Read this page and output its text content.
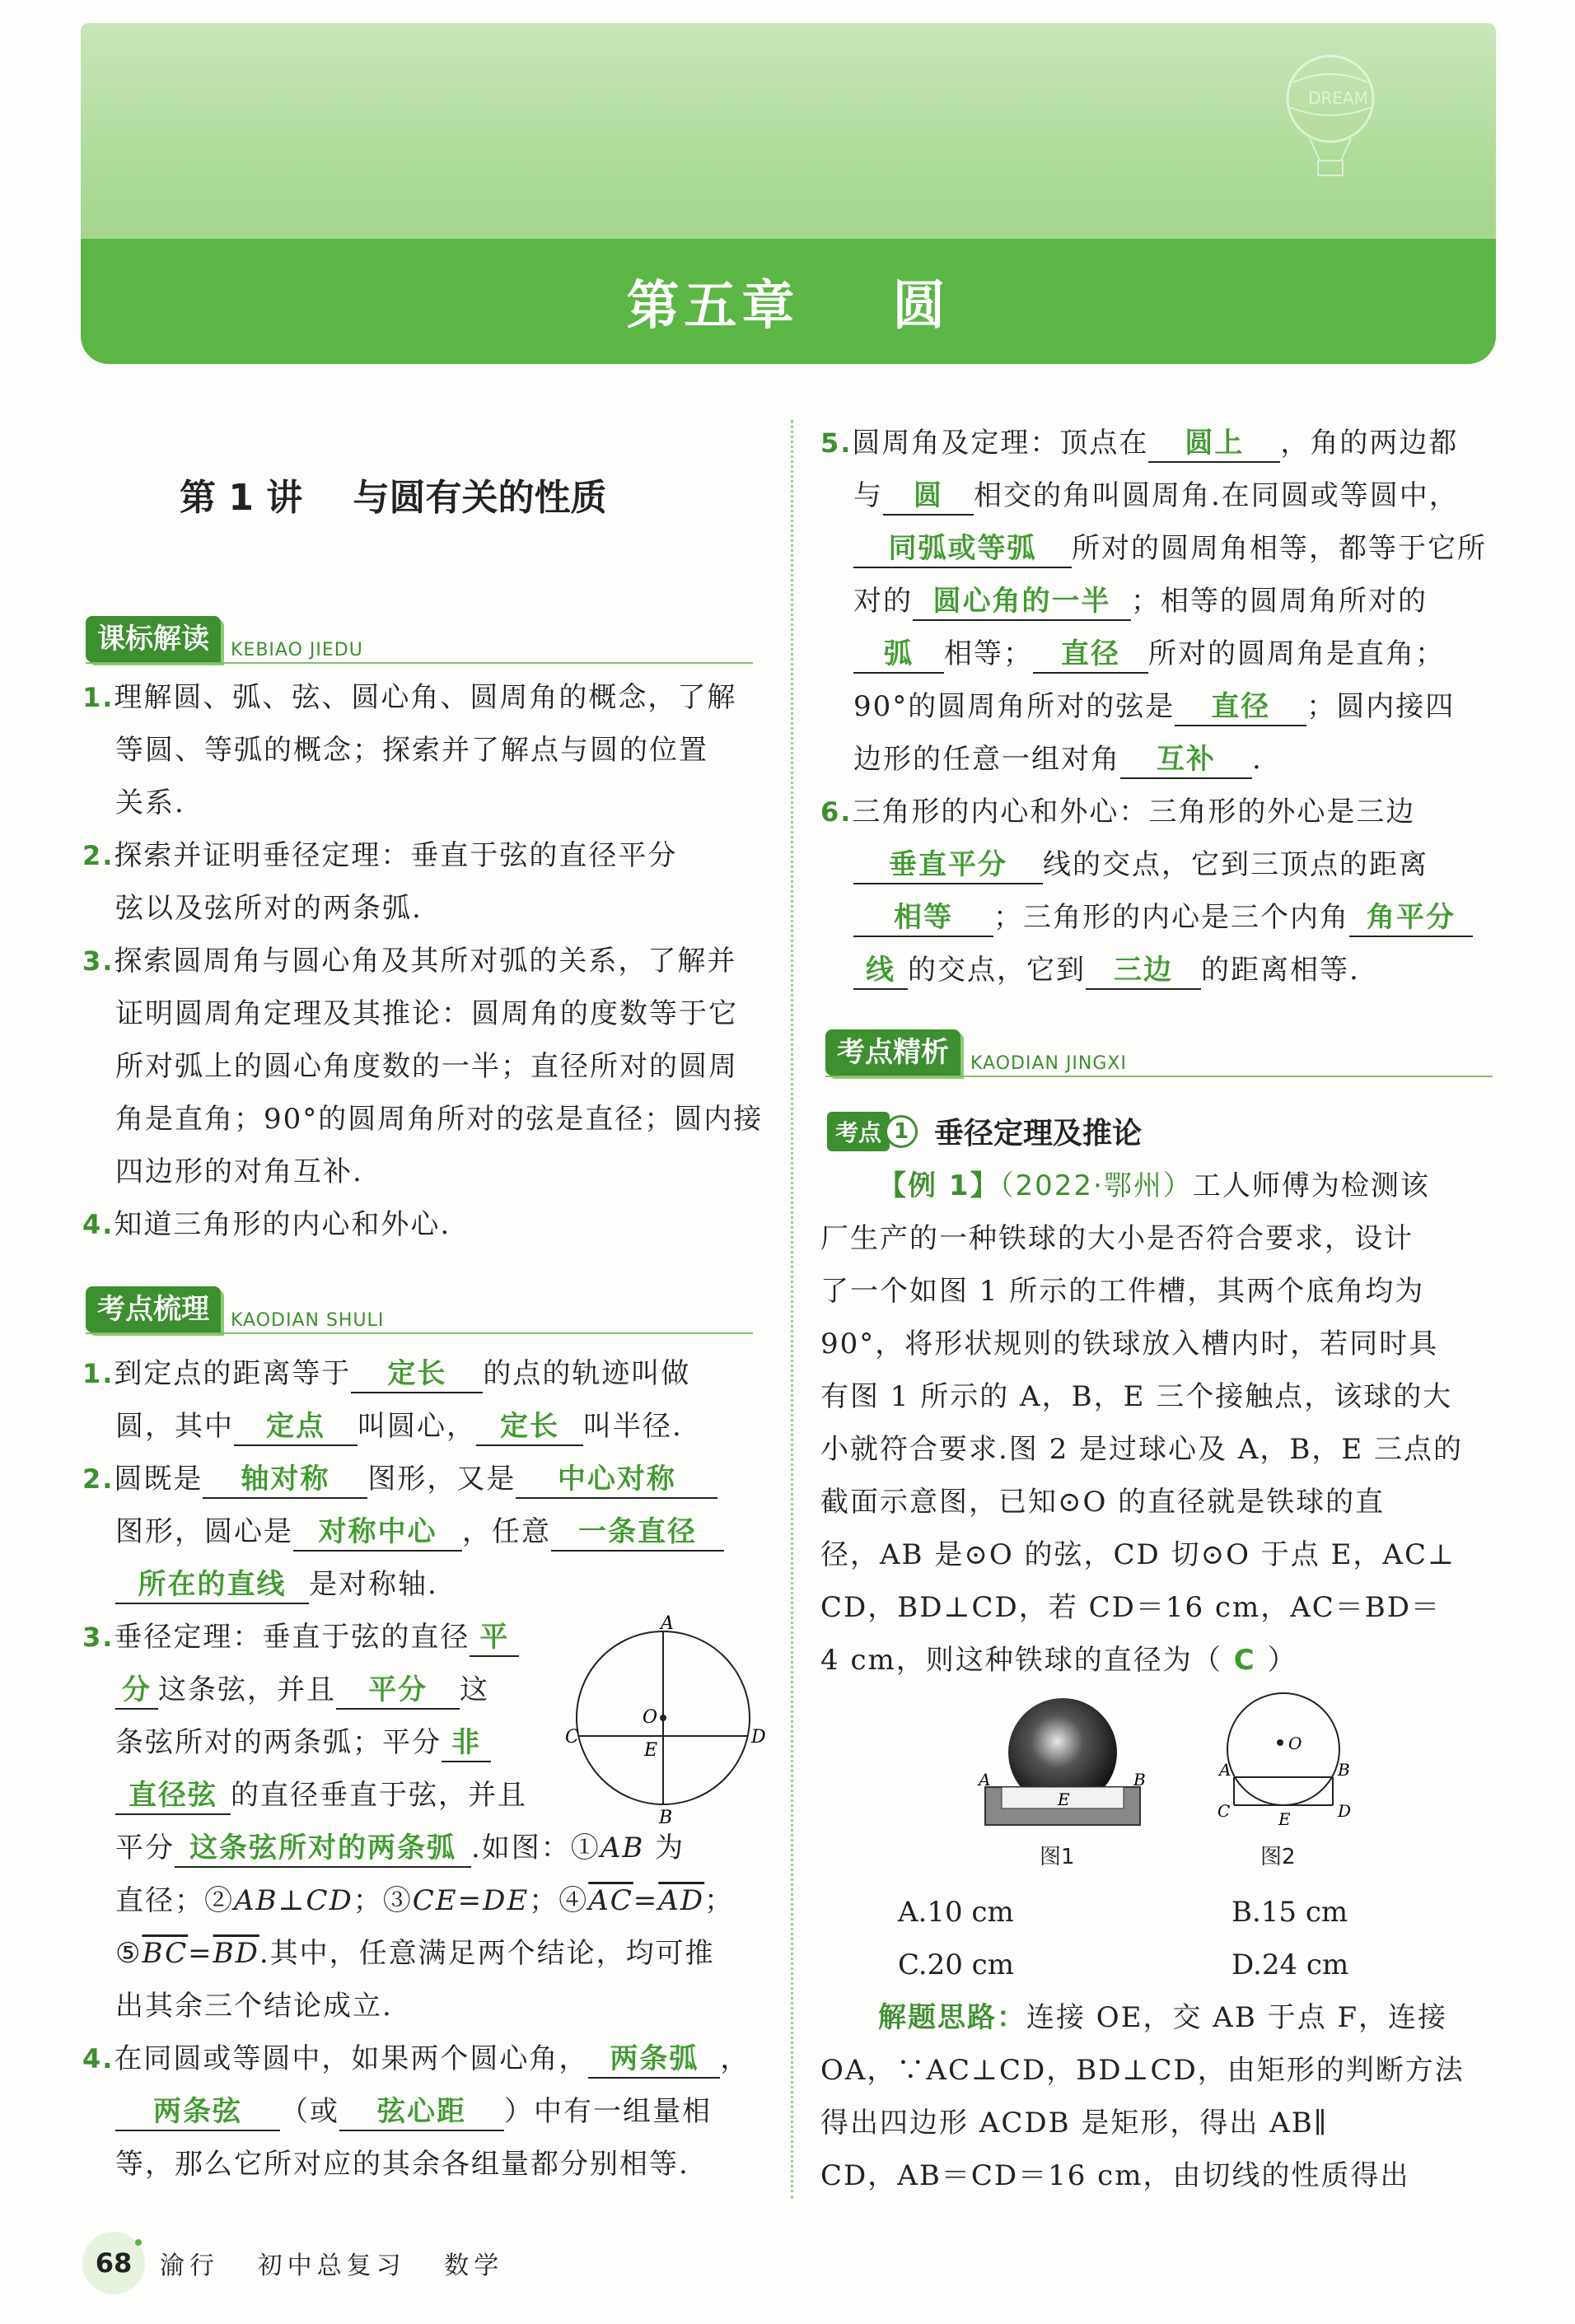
DREAM
第五章    圆
第 1 讲    与圆有关的性质
课标解读	KEBIAO JIEDU
1.理解圆、弧、弦、圆心角、圆周角的概念，了解
等圆、等弧的概念；探索并了解点与圆的位置
关系.
2.探索并证明垂径定理：垂直于弦的直径平分
弦以及弦所对的两条弧.
3.探索圆周角与圆心角及其所对弧的关系，了解并
证明圆周角定理及其推论：圆周角的度数等于它
所对弧上的圆心角度数的一半；直径所对的圆周
角是直角；90°的圆周角所对的弦是直径；圆内接
四边形的对角互补.
4.知道三角形的内心和外心.
考点梳理	KAODIAN SHULI
1.到定点的距离等于 定长 的点的轨迹叫做
圆，其中 定点 叫圆心， 定长 叫半径.
2.圆既是 轴对称 图形，又是 中心对称
图形，圆心是 对称中心 ，任意 一条直径
所在的直线 是对称轴.
3.垂径定理：垂直于弦的直径 平
分 这条弦，并且 平分 这
条弦所对的两条弧；平分 非
直径弦 的直径垂直于弦，并且
平分 这条弦所对的两条弧 .如图：①AB 为
直径；②AB⊥CD；③CE=DE；$④\overline{AC}=\overline{AD}$；
$⑤\overline{BC}=\overline{BD}$.其中，任意满足两个结论，均可推
出其余三个结论成立.
A
B
C	D
E
O
4.在同圆或等圆中，如果两个圆心角， 两条弧 ，
两条弦 （或 弦心距 ）中有一组量相
等，那么它所对应的其余各组量都分别相等.
5.圆周角及定理：顶点在 圆上 ，角的两边都
与 圆 相交的角叫圆周角.在同圆或等圆中，
同弧或等弧 所对的圆周角相等，都等于它所
对的 圆心角的一半 ；相等的圆周角所对的
弧 相等； 直径 所对的圆周角是直角；
90°的圆周角所对的弦是 直径 ；圆内接四
边形的任意一组对角 互补 .
6.三角形的内心和外心：三角形的外心是三边
垂直平分 线的交点，它到三顶点的距离
相等 ；三角形的内心是三个内角 角平分
线 的交点，它到 三边 的距离相等.
考点精析	KAODIAN JINGXI
考点 1 垂径定理及推论
【例 1】（2022·鄂州）工人师傅为检测该
厂生产的一种铁球的大小是否符合要求，设计
了一个如图 1 所示的工件槽，其两个底角均为
90°，将形状规则的铁球放入槽内时，若同时具
有图 1 所示的 A，B，E 三个接触点，该球的大
小就符合要求.图 2 是过球心及 A，B，E 三点的
截面示意图，已知⊙O 的直径就是铁球的直
径，AB 是⊙O 的弦，CD 切⊙O 于点 E，AC⊥
CD，BD⊥CD，若 CD＝16 cm，AC＝BD＝
4 cm，则这种铁球的直径为（ C ）
A	B
E
图1
O
A	B
C	D
E
图2
A.10 cm	B.15 cm
C.20 cm	D.24 cm
解题思路：连接 OE，交 AB 于点 F，连接
OA，∵AC⊥CD，BD⊥CD，由矩形的判断方法
得出四边形 ACDB 是矩形，得出 AB∥
CD，AB＝CD＝16 cm，由切线的性质得出
68	渝行   初中总复习   数学
